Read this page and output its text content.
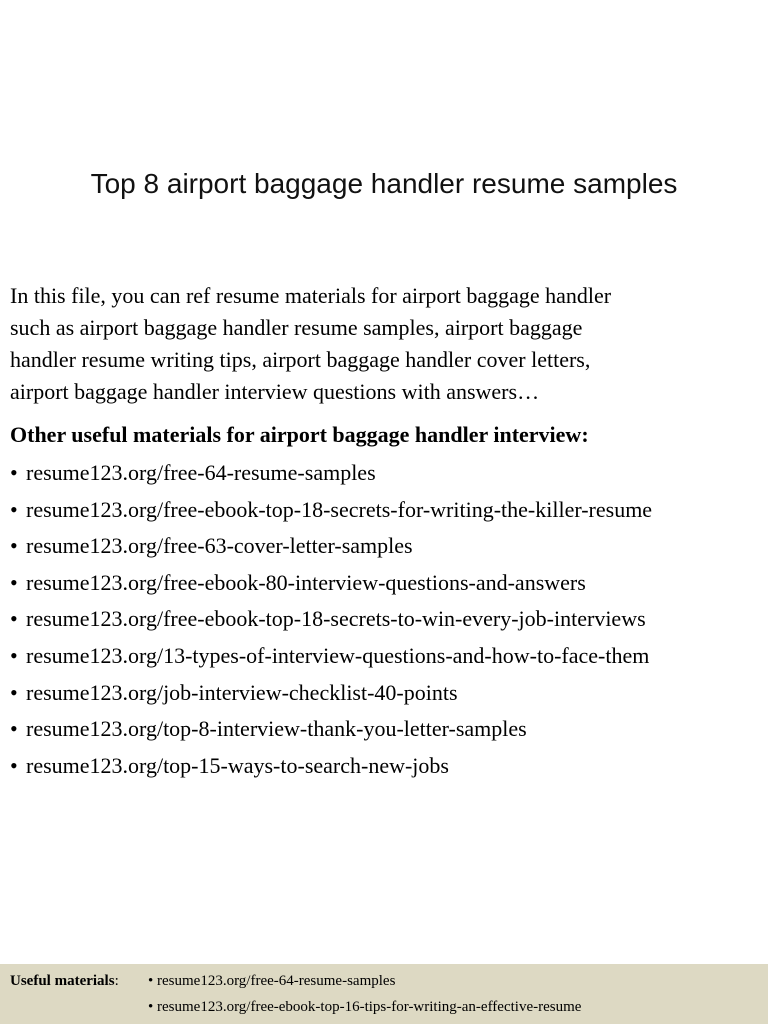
Top 8 airport baggage handler resume samples
In this file, you can ref resume materials for airport baggage handler
such as airport baggage handler resume samples, airport baggage
handler resume writing tips, airport baggage handler cover letters,
airport baggage handler interview questions with answers…
Other useful materials for airport baggage handler interview:
• resume123.org/free-64-resume-samples
• resume123.org/free-ebook-top-18-secrets-for-writing-the-killer-resume
• resume123.org/free-63-cover-letter-samples
• resume123.org/free-ebook-80-interview-questions-and-answers
• resume123.org/free-ebook-top-18-secrets-to-win-every-job-interviews
• resume123.org/13-types-of-interview-questions-and-how-to-face-them
• resume123.org/job-interview-checklist-40-points
• resume123.org/top-8-interview-thank-you-letter-samples
• resume123.org/top-15-ways-to-search-new-jobs
Useful materials: • resume123.org/free-64-resume-samples
• resume123.org/free-ebook-top-16-tips-for-writing-an-effective-resume
